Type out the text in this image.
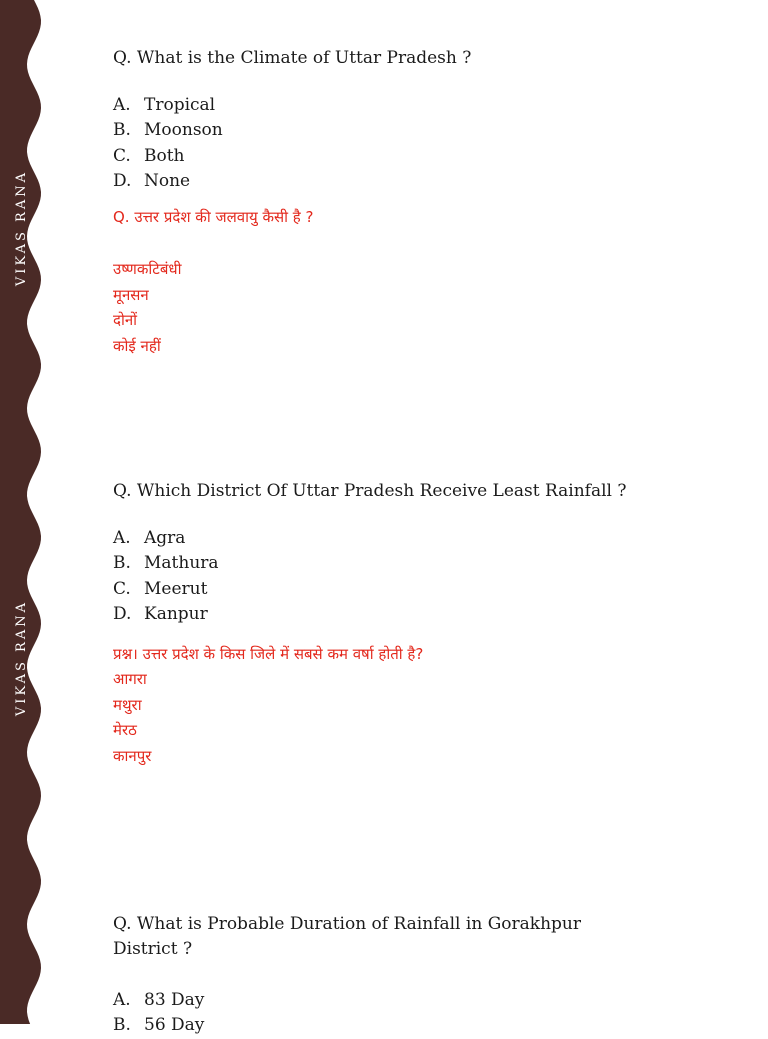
VIKAS RANA
VIKAS RANA

Q. What is the Climate of Uttar Pradesh ?

A. Tropical
B. Moonson
C. Both
D. None

Q. उत्तर प्रदेश की जलवायु कैसी है ?

उष्णकटिबंधी
मूनसन
दोनों
कोई नहीं

Q. Which District Of Uttar Pradesh Receive Least Rainfall ?

A. Agra
B. Mathura
C. Meerut
D. Kanpur

प्रश्न। उत्तर प्रदेश के किस जिले में सबसे कम वर्षा होती है?

आगरा
मथुरा
मेरठ
कानपुर

Q. What is Probable Duration of Rainfall in Gorakhpur District ?

A. 83 Day
B. 56 Day
